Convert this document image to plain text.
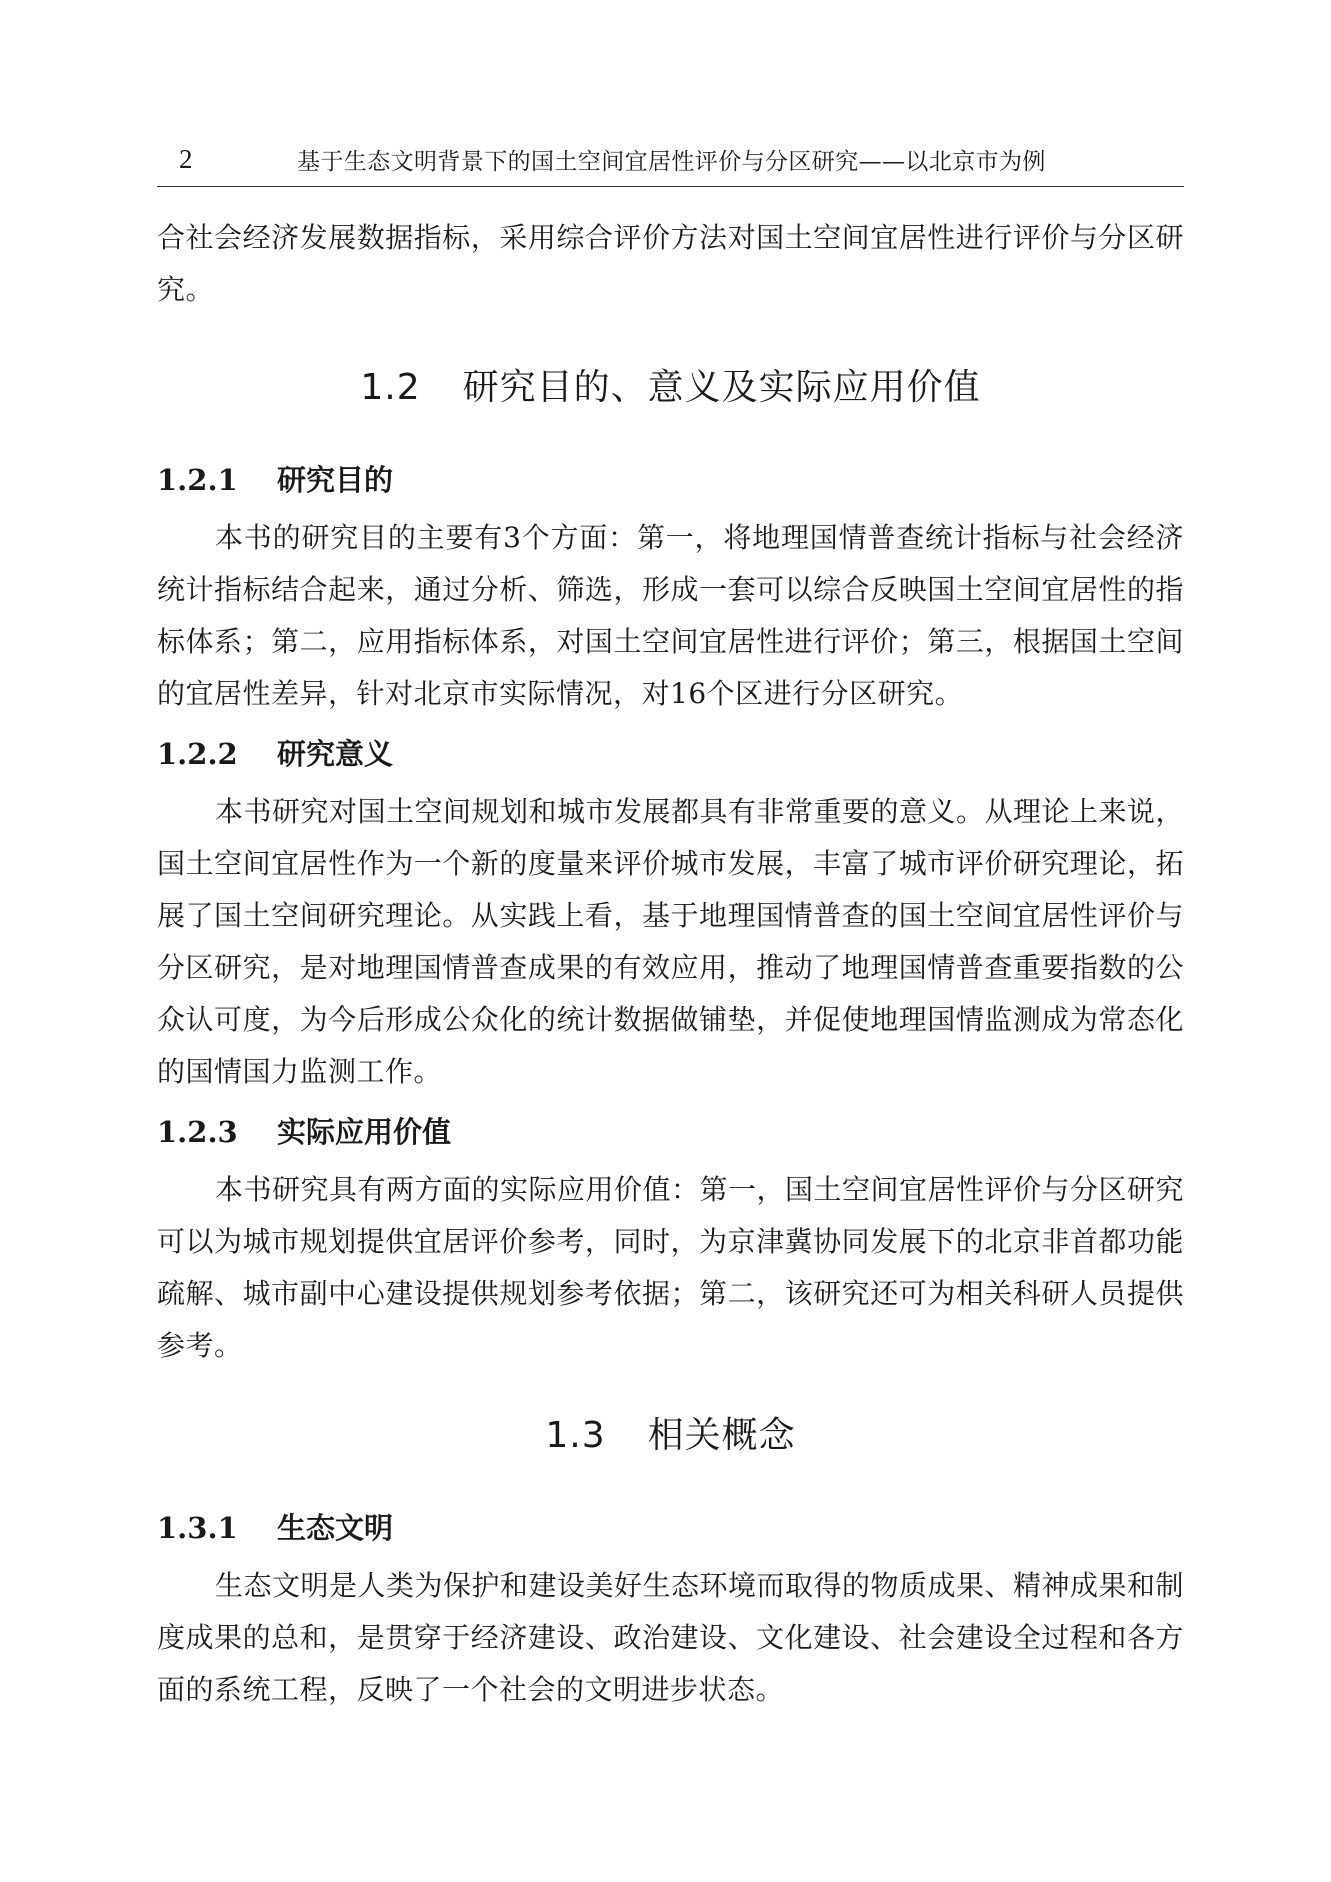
2	基于生态文明背景下的国土空间宜居性评价与分区研究——以北京市为例

合社会经济发展数据指标，采用综合评价方法对国土空间宜居性进行评价与分区研究。

1.2 研究目的、意义及实际应用价值
1.2.1 研究目的

本书的研究目的主要有3个方面：第一，将地理国情普查统计指标与社会经济统计指标结合起来，通过分析、筛选，形成一套可以综合反映国土空间宜居性的指标体系；第二，应用指标体系，对国土空间宜居性进行评价；第三，根据国土空间的宜居性差异，针对北京市实际情况，对16个区进行分区研究。

1.2.2 研究意义

本书研究对国土空间规划和城市发展都具有非常重要的意义。从理论上来说，国土空间宜居性作为一个新的度量来评价城市发展，丰富了城市评价研究理论，拓展了国土空间研究理论。从实践上看，基于地理国情普查的国土空间宜居性评价与分区研究，是对地理国情普查成果的有效应用，推动了地理国情普查重要指数的公众认可度，为今后形成公众化的统计数据做铺垫，并促使地理国情监测成为常态化的国情国力监测工作。

1.2.3 实际应用价值

本书研究具有两方面的实际应用价值：第一，国土空间宜居性评价与分区研究可以为城市规划提供宜居评价参考，同时，为京津冀协同发展下的北京非首都功能疏解、城市副中心建设提供规划参考依据；第二，该研究还可为相关科研人员提供参考。

1.3 相关概念
1.3.1 生态文明

生态文明是人类为保护和建设美好生态环境而取得的物质成果、精神成果和制度成果的总和，是贯穿于经济建设、政治建设、文化建设、社会建设全过程和各方面的系统工程，反映了一个社会的文明进步状态。
